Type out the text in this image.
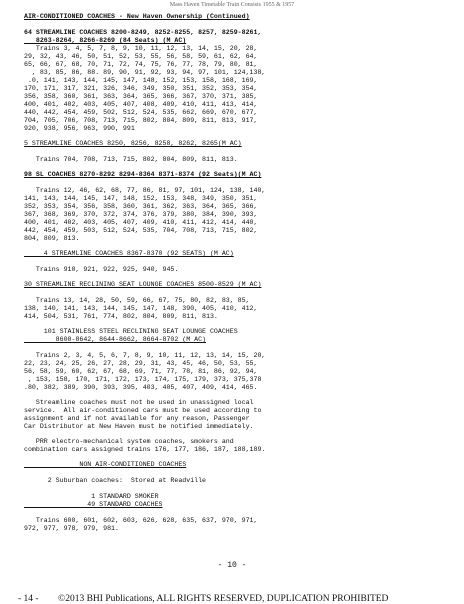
Mass Haven Timetable Train Consists 1955 & 1957
AIR-CONDITIONED COACHES - New Haven Ownership (Continued)
64 STREAMLINE COACHES 8200-8249, 8252-8255, 8257, 8259-8261,
8263-8264, 8266-8269 (84 Seats) (M AC)
Trains 3, 4, 5, 7, 8, 9, 10, 11, 12, 13, 14, 15, 20, 28,
29, 32, 43, 46, 50, 51, 52, 53, 55, 56, 58, 59, 61, 62, 64,
65, 66, 67, 68, 70, 71, 72, 74, 75, 76, 77, 78, 79, 80, 81,
, 83, 85, 86, 88. 89, 90, 91, 92, 93, 94, 97, 101, 124,138,
.0, 141, 143, 144, 145, 147, 148, 152, 153, 158, 168, 169,
170, 171, 317, 321, 326, 346, 349, 350, 351, 352, 353, 354,
356, 358, 360, 361, 363, 364, 365, 366, 367, 370, 371, 385,
400, 401, 402, 403, 405, 407, 408, 409, 410, 411, 413, 414,
440, 442, 454, 459, 502, 512, 524, 535, 662, 669, 670, 677,
704, 705, 706, 708, 713, 715, 802, 804, 809, 811, 813, 917,
920, 938, 956, 963, 990, 991
5 STREAMLINE COACHES 8250, 8256, 8258, 8262, 8265(M AC)
Trains 704, 708, 713, 715, 802, 804, 809, 811, 813.
98 SL COACHES 8270-8292 8294-8364 8371-8374 (92 Seats)(M AC)
Trains 12, 46, 62, 68, 77, 86, 81, 97, 101, 124, 138, 140,
141, 143, 144, 145, 147, 148, 152, 153, 348, 349, 350, 351,
352, 353, 354, 356, 358, 360, 361, 362, 363, 364, 365, 366,
367, 368, 369, 370, 372, 374, 376, 379, 380, 384, 390, 393,
400, 401, 402, 403, 405, 407, 409, 410, 411, 412, 414, 440,
442, 454, 459, 503, 512, 524, 535, 704, 708, 713, 715, 802,
804, 809, 813.
4 STREAMLINE COACHES 8367-8370 (92 SEATS) (M AC)
Trains 910, 921, 922, 925, 940, 945.
30 STREAMLINE RECLINING SEAT LOUNGE COACHES 8500-8529 (M AC)
Trains 13, 14, 28, 50, 59, 66, 67, 75, 80, 82, 83, 85,
138, 140, 141, 143, 144, 145, 147, 148, 390, 405, 410, 412,
414, 504, 531, 761, 774, 802, 804, 809, 811, 813.
101 STAINLESS STEEL RECLINING SEAT LOUNGE COACHES
8600-8642, 8644-8662, 8664-8702 (M AC)
Trains 2, 3, 4, 5, 6, 7, 8, 9, 10, 11, 12, 13, 14, 15, 20,
22, 23, 24, 25, 26, 27, 28, 29, 31, 43, 45, 46, 50, 53, 55,
56, 58, 59, 60, 62, 67, 68, 69, 71, 77, 78, 81, 86, 92, 94,
, 153, 158, 170, 171, 172, 173, 174, 175, 179, 373, 375,378
.80, 382, 389, 390, 393, 395, 403, 405, 407, 409, 414, 465.
Streamline coaches must not be used in unassigned local
service.  All air-conditioned cars must be used according to
assignment and if not available for any reason, Passenger
Car Distributor at New Haven must be notified immediately.
PRR electro-mechanical system coaches, smokers and
combination cars assigned trains 176, 177, 186, 187, 188,189.
NON AIR-CONDITIONED COACHES
2 Suburban coaches:  Stored at Readville
1 STANDARD SMOKER
49 STANDARD COACHES
Trains 600, 601, 602, 603, 626, 628, 635, 637, 970, 971,
972, 977, 978, 979, 981.
- 10 -
- 14 - ©2013 BHI Publications, ALL RIGHTS RESERVED, DUPLICATION PROHIBITED
